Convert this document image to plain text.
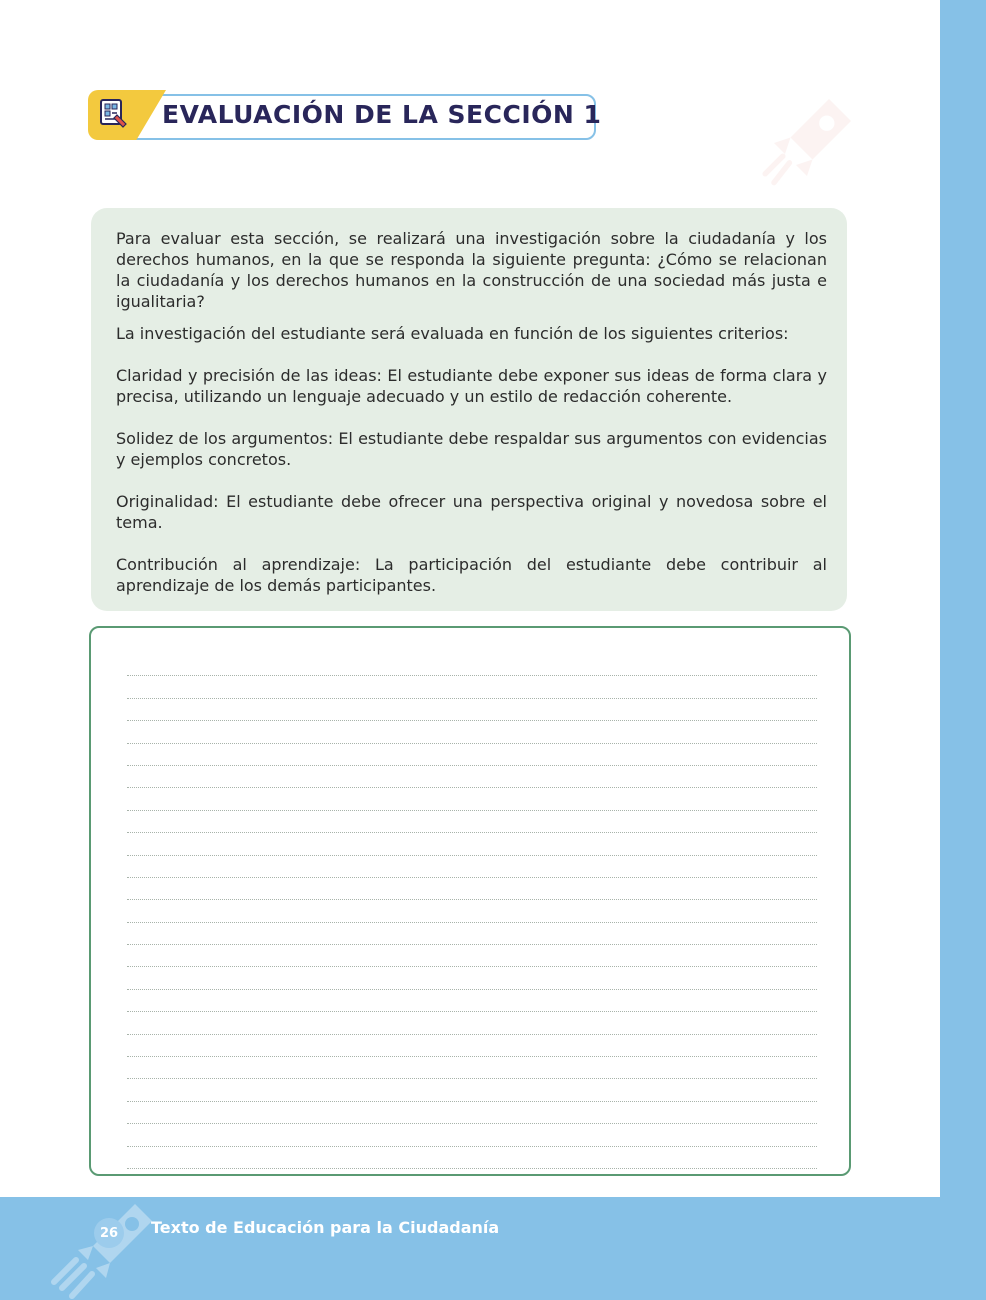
EVALUACIÓN DE LA SECCIÓN 1

Para evaluar esta sección, se realizará una investigación sobre la ciudadanía y los derechos humanos, en la que se responda la siguiente pregunta: ¿Cómo se relacionan la ciudadanía y los derechos humanos en la construcción de una sociedad más justa e igualitaria?

La investigación del estudiante será evaluada en función de los siguientes criterios:

Claridad y precisión de las ideas: El estudiante debe exponer sus ideas de forma clara y precisa, utilizando un lenguaje adecuado y un estilo de redacción coherente.

Solidez de los argumentos: El estudiante debe respaldar sus argumentos con evidencias y ejemplos concretos.

Originalidad: El estudiante debe ofrecer una perspectiva original y novedosa sobre el tema.

Contribución al aprendizaje: La participación del estudiante debe contribuir al aprendizaje de los demás participantes.

26	Texto de Educación para la Ciudadanía
